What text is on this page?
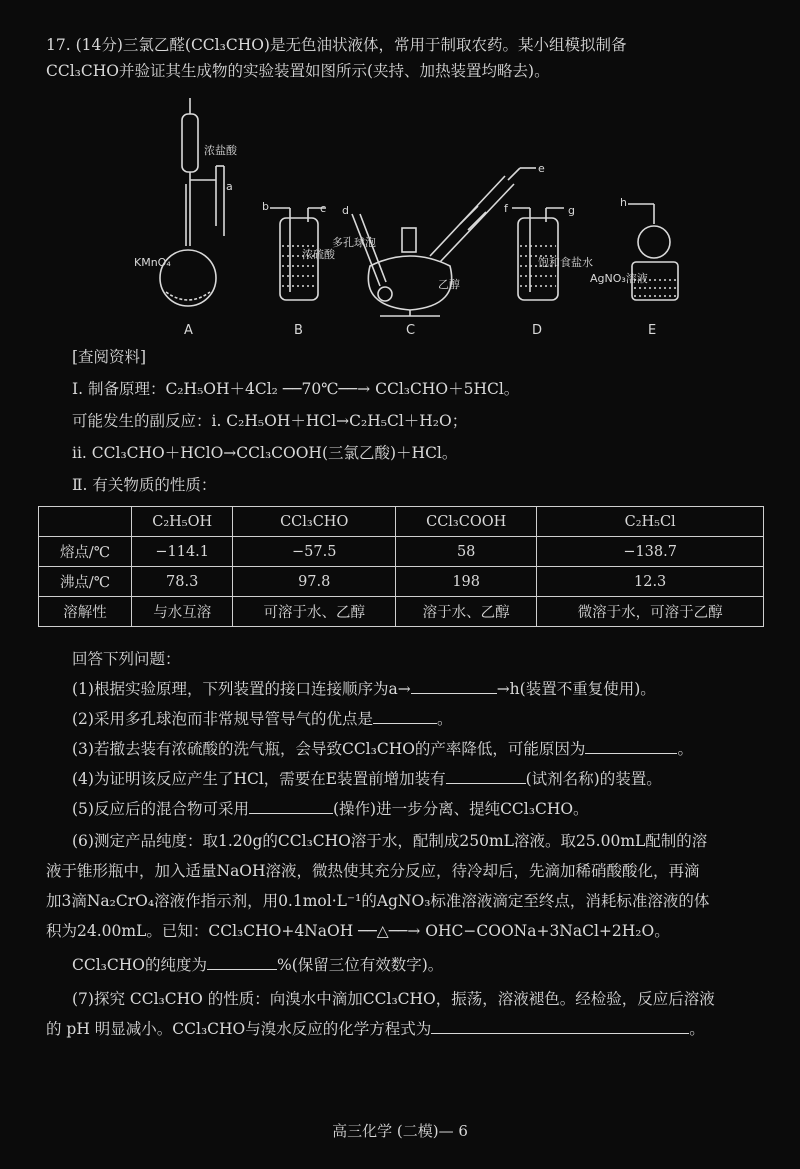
17. (14分)三氯乙醛(CCl₃CHO)是无色油状液体，常用于制取农药。某小组模拟制备
CCl₃CHO并验证其生成物的实验装置如图所示(夹持、加热装置均略去)。
浓盐酸
a
KMnO₄
b	c
浓硫酸
d
多孔球泡
乙醇
e
f	g
饱和食盐水
h
AgNO₃溶液
A	B	C	D	E
[查阅资料]
Ⅰ. 制备原理：C₂H₅OH＋4Cl₂ ──70℃──→ CCl₃CHO＋5HCl。
可能发生的副反应：ⅰ. C₂H₅OH＋HCl→C₂H₅Cl＋H₂O；
ⅱ. CCl₃CHO＋HClO→CCl₃COOH(三氯乙酸)＋HCl。
Ⅱ. 有关物质的性质：
	C₂H₅OH	CCl₃CHO	CCl₃COOH	C₂H₅Cl
熔点/℃	−114.1	−57.5	58	−138.7
沸点/℃	78.3	97.8	198	12.3
溶解性	与水互溶	可溶于水、乙醇	溶于水、乙醇	微溶于水，可溶于乙醇
回答下列问题：
(1)根据实验原理，下列装置的接口连接顺序为a→	→h(装置不重复使用)。
(2)采用多孔球泡而非常规导管导气的优点是	。
(3)若撤去装有浓硫酸的洗气瓶，会导致CCl₃CHO的产率降低，可能原因为	。
(4)为证明该反应产生了HCl，需要在E装置前增加装有	(试剂名称)的装置。
(5)反应后的混合物可采用	(操作)进一步分离、提纯CCl₃CHO。
(6)测定产品纯度：取1.20g的CCl₃CHO溶于水，配制成250mL溶液。取25.00mL配制的溶
液于锥形瓶中，加入适量NaOH溶液，微热使其充分反应，待冷却后，先滴加稀硝酸酸化，再滴
加3滴Na₂CrO₄溶液作指示剂，用0.1mol·L⁻¹的AgNO₃标准溶液滴定至终点，消耗标准溶液的体
积为24.00mL。已知：CCl₃CHO+4NaOH ──△──→ OHC−COONa+3NaCl+2H₂O。
CCl₃CHO的纯度为	%(保留三位有效数字)。
(7)探究 CCl₃CHO 的性质：向溴水中滴加CCl₃CHO，振荡，溶液褪色。经检验，反应后溶液
的 pH 明显减小。CCl₃CHO与溴水反应的化学方程式为	。
高三化学 (二模)— 6
